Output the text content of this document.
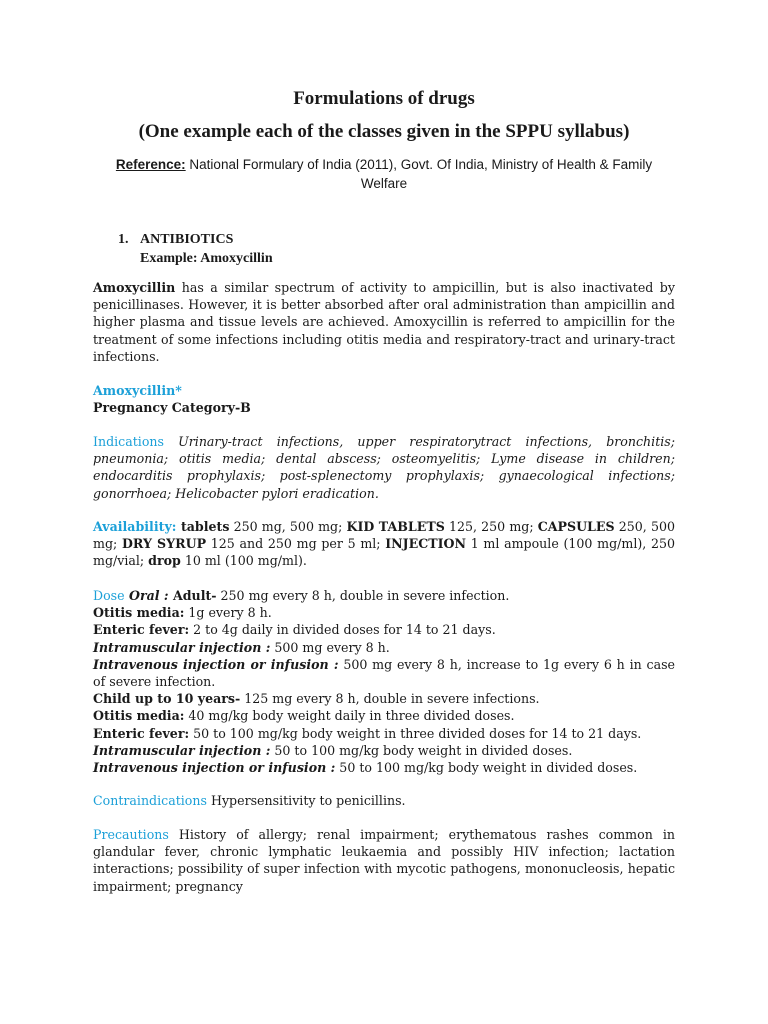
Formulations of drugs
(One example each of the classes given in the SPPU syllabus)
Reference: National Formulary of India (2011), Govt. Of India, Ministry of Health & Family Welfare
1. ANTIBIOTICS
Example: Amoxycillin

Amoxycillin has a similar spectrum of activity to ampicillin, but is also inactivated by penicillinases. However, it is better absorbed after oral administration than ampicillin and higher plasma and tissue levels are achieved. Amoxycillin is referred to ampicillin for the treatment of some infections including otitis media and respiratory-tract and urinary-tract infections.

Amoxycillin*

Pregnancy Category-B

Indications Urinary-tract infections, upper respiratorytract infections, bronchitis; pneumonia; otitis media; dental abscess; osteomyelitis; Lyme disease in children; endocarditis prophylaxis; post-splenectomy prophylaxis; gynaecological infections; gonorrhoea; Helicobacter pylori eradication.

Availability: tablets 250 mg, 500 mg; KID TABLETS 125, 250 mg; CAPSULES 250, 500 mg; DRY SYRUP 125 and 250 mg per 5 ml; INJECTION 1 ml ampoule (100 mg/ml), 250 mg/vial; drop 10 ml (100 mg/ml).

Dose Oral : Adult- 250 mg every 8 h, double in severe infection.

Otitis media: 1g every 8 h.

Enteric fever: 2 to 4g daily in divided doses for 14 to 21 days.

Intramuscular injection : 500 mg every 8 h.

Intravenous injection or infusion : 500 mg every 8 h, increase to 1g every 6 h in case of severe infection.

Child up to 10 years- 125 mg every 8 h, double in severe infections.

Otitis media: 40 mg/kg body weight daily in three divided doses.

Enteric fever: 50 to 100 mg/kg body weight in three divided doses for 14 to 21 days.

Intramuscular injection : 50 to 100 mg/kg body weight in divided doses.

Intravenous injection or infusion : 50 to 100 mg/kg body weight in divided doses.

Contraindications Hypersensitivity to penicillins.

Precautions History of allergy; renal impairment; erythematous rashes common in glandular fever, chronic lymphatic leukaemia and possibly HIV infection; lactation interactions; possibility of super infection with mycotic pathogens, mononucleosis, hepatic impairment; pregnancy
